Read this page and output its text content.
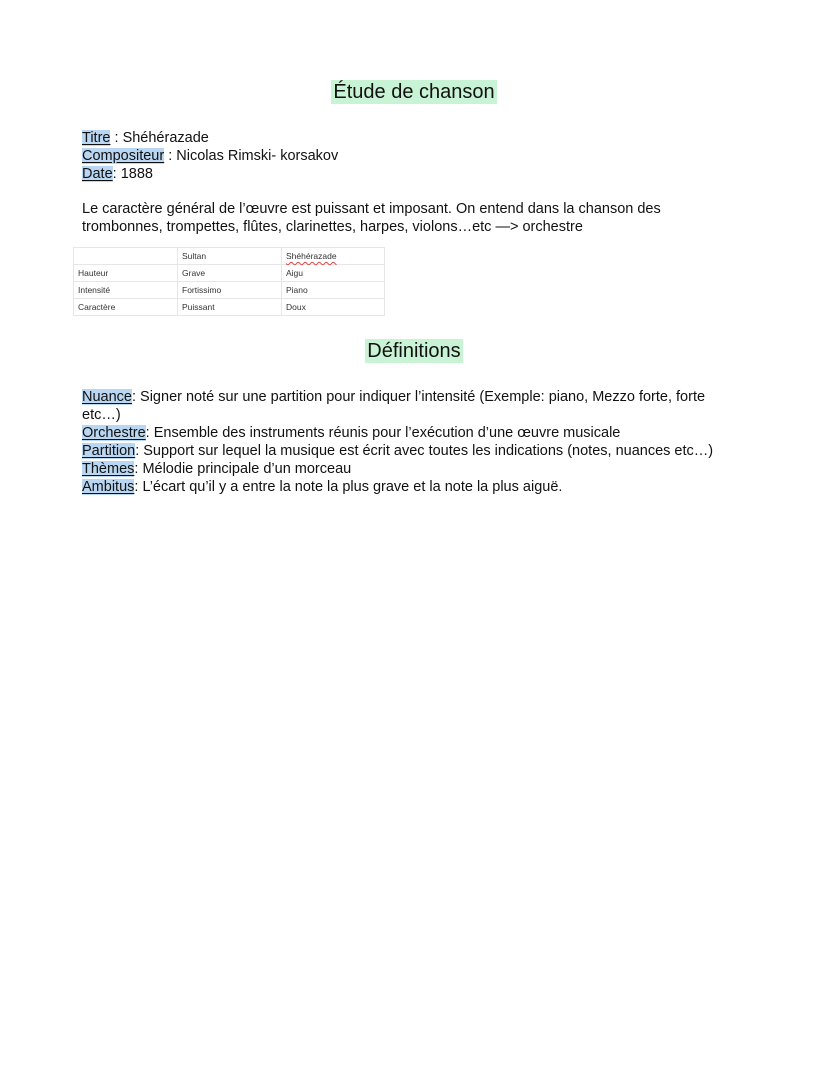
Étude de chanson
Titre : Shéhérazade
Compositeur : Nicolas Rimski- korsakov
Date: 1888
Le caractère général de l’œuvre est puissant et imposant. On entend dans la chanson des trombonnes, trompettes, flûtes, clarinettes, harpes, violons…etc —> orchestre
	Sultan	Shéhérazade
Hauteur	Grave	Aigu
Intensité	Fortissimo	Piano
Caractère	Puissant	Doux
Définitions

Nuance: Signer noté sur une partition pour indiquer l’intensité (Exemple: piano, Mezzo forte, forte etc…)

Orchestre: Ensemble des instruments réunis pour l’exécution d’une œuvre musicale

Partition: Support sur lequel la musique est écrit avec toutes les indications (notes, nuances etc…)

Thèmes: Mélodie principale d’un morceau

Ambitus: L’écart qu’il y a entre la note la plus grave et la note la plus aiguë.
